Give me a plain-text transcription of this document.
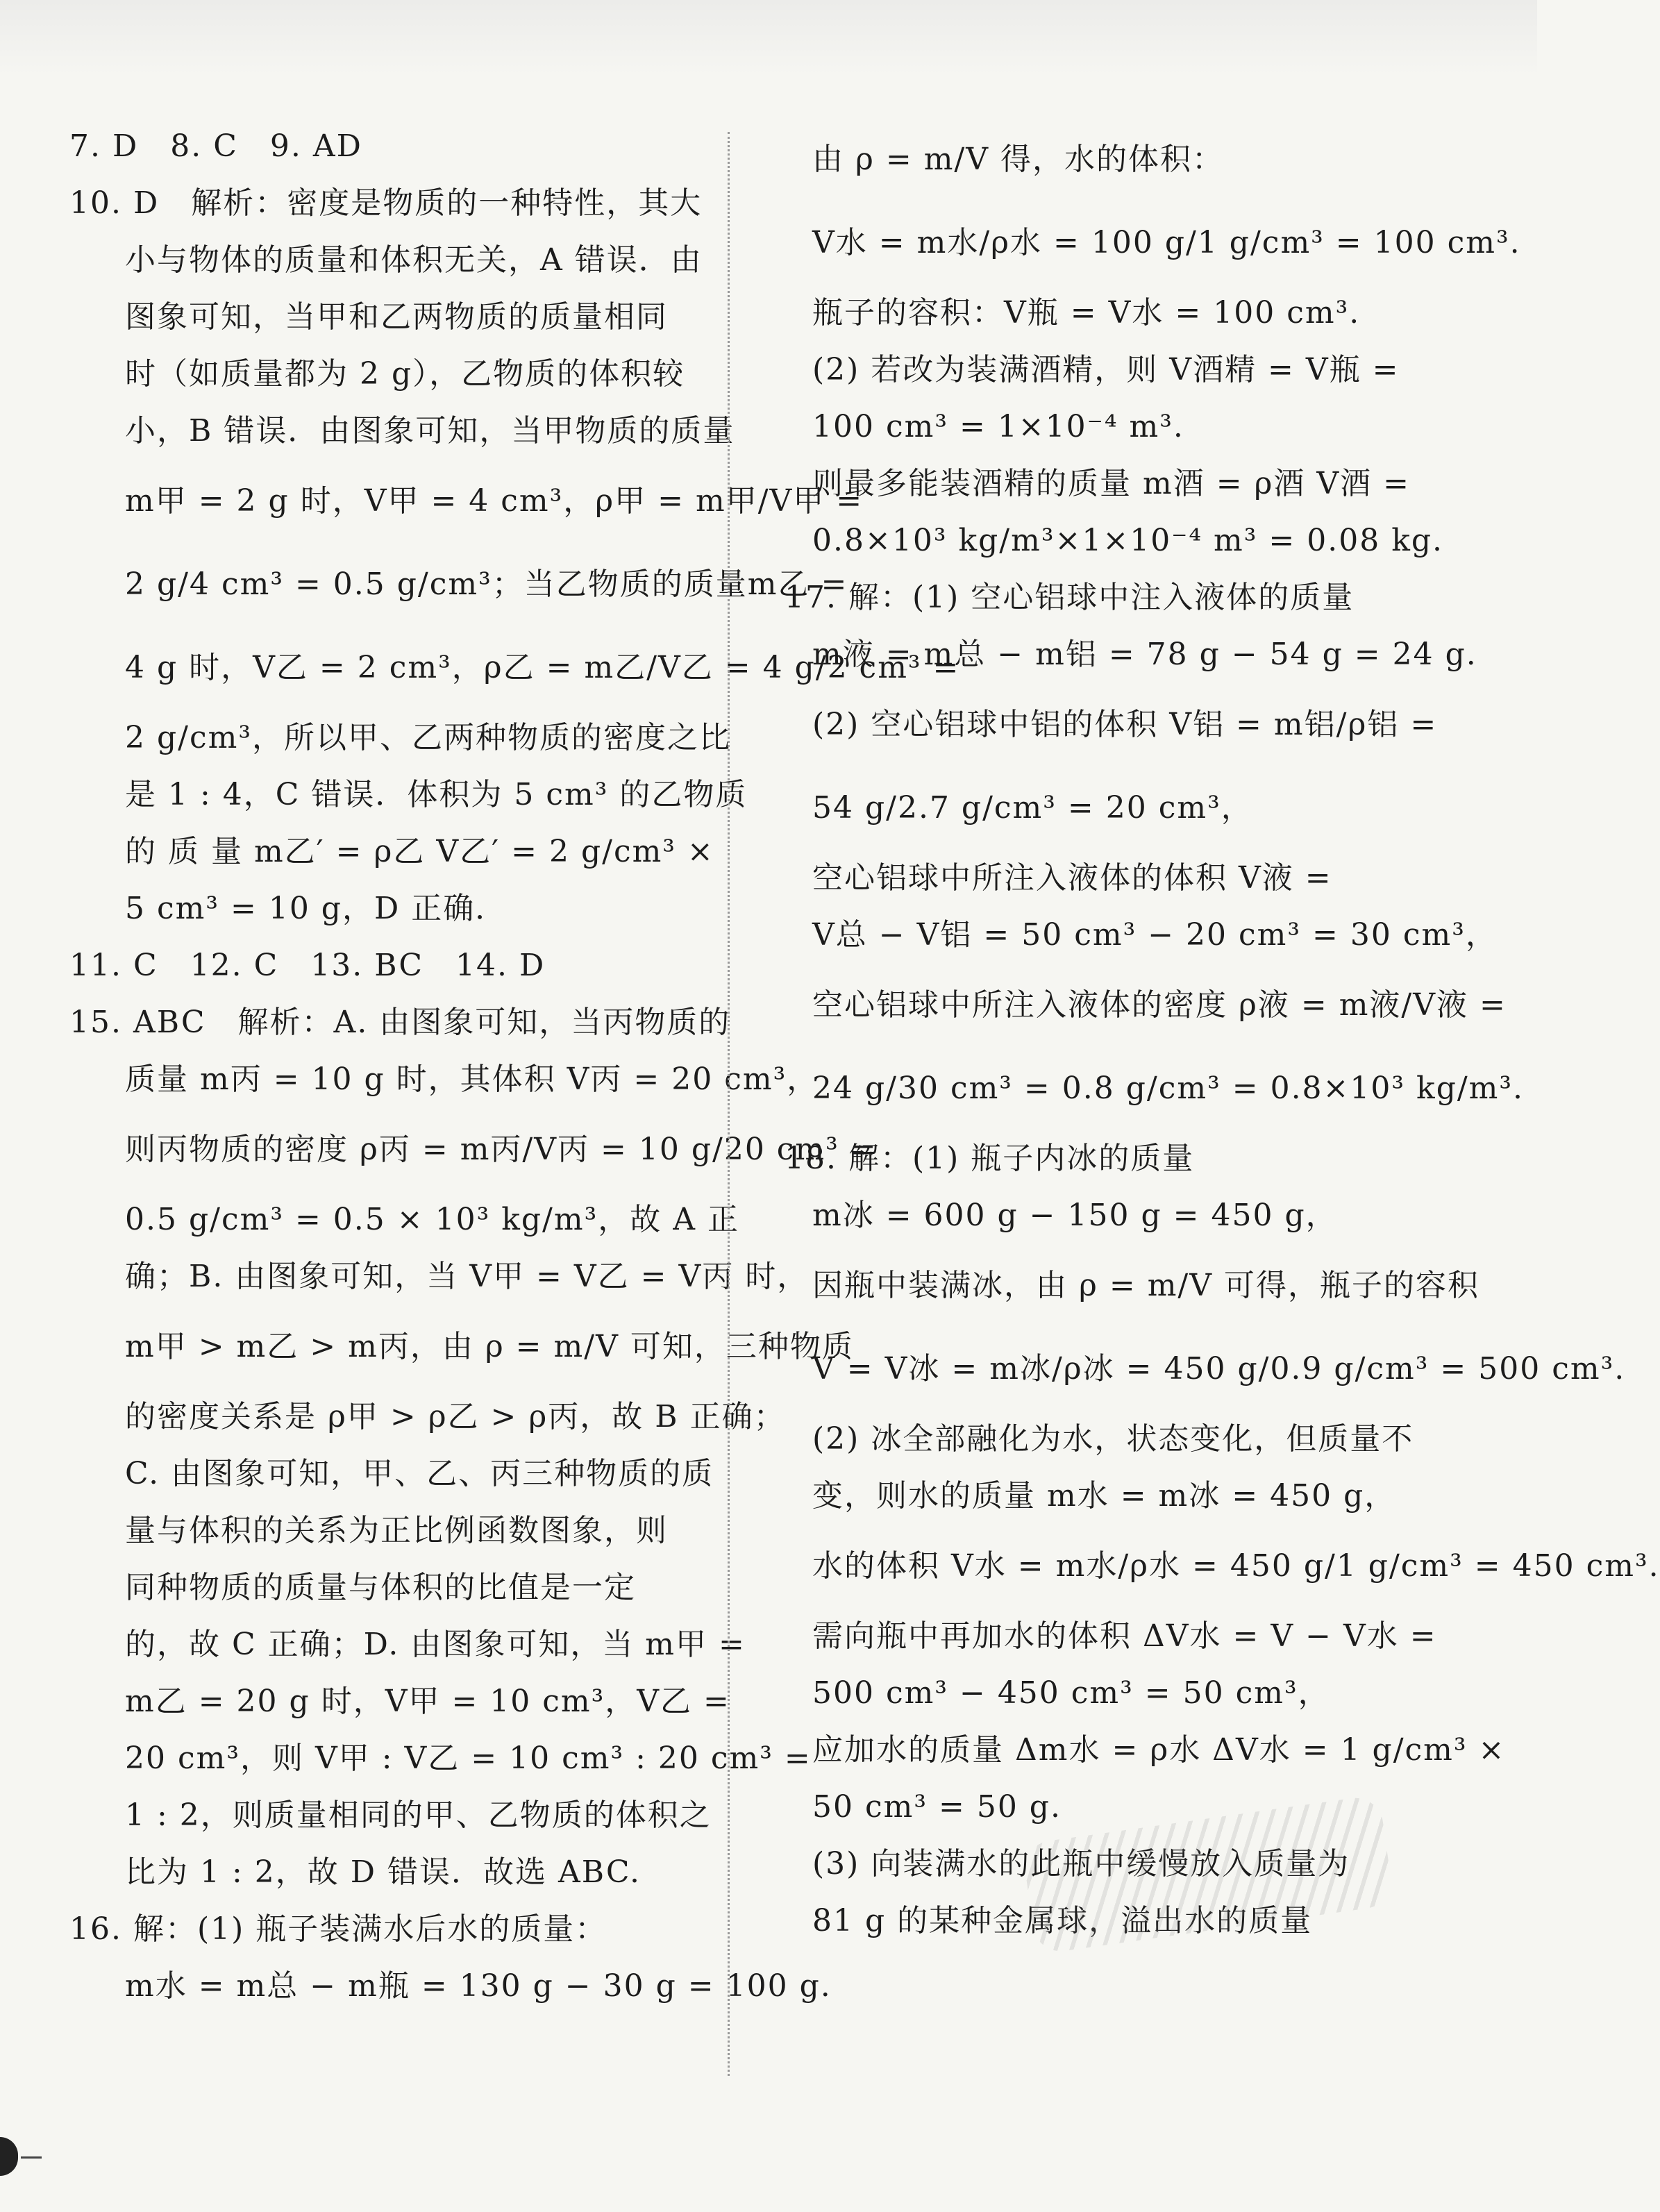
7. D　8. C　9. AD
10. D　解析：密度是物质的一种特性，其大
小与物体的质量和体积无关，A 错误．由
图象可知，当甲和乙两物质的质量相同
时（如质量都为 2 g），乙物质的体积较
小，B 错误．由图象可知，当甲物质的质量
m甲 = 2 g 时，V甲 = 4 cm³，ρ甲 = m甲/V甲 =
2 g/4 cm³ = 0.5 g/cm³；当乙物质的质量m乙 =
4 g 时，V乙 = 2 cm³，ρ乙 = m乙/V乙 = 4 g/2 cm³ =
2 g/cm³，所以甲、乙两种物质的密度之比
是 1 : 4，C 错误．体积为 5 cm³ 的乙物质
的 质 量 m乙′ = ρ乙 V乙′ = 2 g/cm³ ×
5 cm³ = 10 g，D 正确．
11. C　12. C　13. BC　14. D
15. ABC　解析：A. 由图象可知，当丙物质的
质量 m丙 = 10 g 时，其体积 V丙 = 20 cm³，
则丙物质的密度 ρ丙 = m丙/V丙 = 10 g/20 cm³ =
0.5 g/cm³ = 0.5 × 10³ kg/m³，故 A 正
确；B. 由图象可知，当 V甲 = V乙 = V丙 时，
m甲 > m乙 > m丙，由 ρ = m/V 可知，三种物质
的密度关系是 ρ甲 > ρ乙 > ρ丙，故 B 正确；
C. 由图象可知，甲、乙、丙三种物质的质
量与体积的关系为正比例函数图象，则
同种物质的质量与体积的比值是一定
的，故 C 正确；D. 由图象可知，当 m甲 =
m乙 = 20 g 时，V甲 = 10 cm³，V乙 =
20 cm³，则 V甲 : V乙 = 10 cm³ : 20 cm³ =
1 : 2，则质量相同的甲、乙物质的体积之
比为 1 : 2，故 D 错误．故选 ABC.
16. 解：(1) 瓶子装满水后水的质量：
m水 = m总 − m瓶 = 130 g − 30 g = 100 g.
由 ρ = m/V 得，水的体积：
V水 = m水/ρ水 = 100 g/1 g/cm³ = 100 cm³.
瓶子的容积：V瓶 = V水 = 100 cm³.
(2) 若改为装满酒精，则 V酒精 = V瓶 =
100 cm³ = 1×10⁻⁴ m³.
则最多能装酒精的质量 m酒 = ρ酒 V酒 =
0.8×10³ kg/m³×1×10⁻⁴ m³ = 0.08 kg.
17. 解：(1) 空心铝球中注入液体的质量
m液 = m总 − m铝 = 78 g − 54 g = 24 g.
(2) 空心铝球中铝的体积 V铝 = m铝/ρ铝 =
54 g/2.7 g/cm³ = 20 cm³，
空心铝球中所注入液体的体积 V液 =
V总 − V铝 = 50 cm³ − 20 cm³ = 30 cm³，
空心铝球中所注入液体的密度 ρ液 = m液/V液 =
24 g/30 cm³ = 0.8 g/cm³ = 0.8×10³ kg/m³.
18. 解：(1) 瓶子内冰的质量
m冰 = 600 g − 150 g = 450 g，
因瓶中装满冰，由 ρ = m/V 可得，瓶子的容积
V = V冰 = m冰/ρ冰 = 450 g/0.9 g/cm³ = 500 cm³.
(2) 冰全部融化为水，状态变化，但质量不
变，则水的质量 m水 = m冰 = 450 g，
水的体积 V水 = m水/ρ水 = 450 g/1 g/cm³ = 450 cm³.
需向瓶中再加水的体积 ΔV水 = V − V水 =
500 cm³ − 450 cm³ = 50 cm³，
应加水的质量 Δm水 = ρ水 ΔV水 = 1 g/cm³ ×
50 cm³ = 50 g.
(3) 向装满水的此瓶中缓慢放入质量为
81 g 的某种金属球，溢出水的质量
